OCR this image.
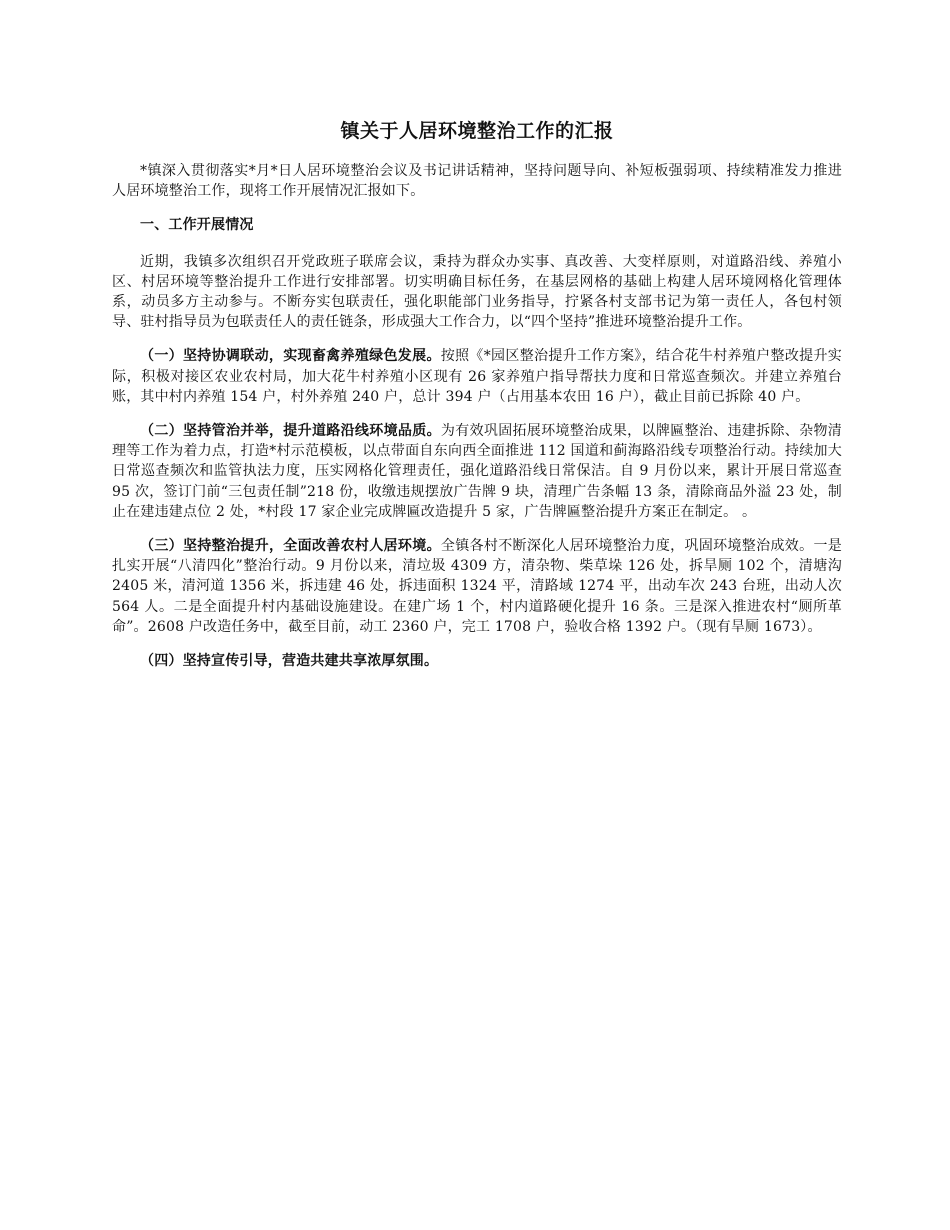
镇关于人居环境整治工作的汇报

*镇深入贯彻落实*月*日人居环境整治会议及书记讲话精神，坚持问题导向、补短板强弱项、持续精准发力推进人居环境整治工作，现将工作开展情况汇报如下。

一、工作开展情况

近期，我镇多次组织召开党政班子联席会议，秉持为群众办实事、真改善、大变样原则，对道路沿线、养殖小区、村居环境等整治提升工作进行安排部署。切实明确目标任务，在基层网格的基础上构建人居环境网格化管理体系，动员多方主动参与。不断夯实包联责任，强化职能部门业务指导，拧紧各村支部书记为第一责任人，各包村领导、驻村指导员为包联责任人的责任链条，形成强大工作合力，以“四个坚持”推进环境整治提升工作。

（一）坚持协调联动，实现畜禽养殖绿色发展。按照《*园区整治提升工作方案》，结合花牛村养殖户整改提升实际，积极对接区农业农村局，加大花牛村养殖小区现有 26 家养殖户指导帮扶力度和日常巡查频次。并建立养殖台账，其中村内养殖 154 户，村外养殖 240 户，总计 394 户（占用基本农田 16 户），截止目前已拆除 40 户。

（二）坚持管治并举，提升道路沿线环境品质。为有效巩固拓展环境整治成果，以牌匾整治、违建拆除、杂物清理等工作为着力点，打造*村示范模板，以点带面自东向西全面推进 112 国道和蓟海路沿线专项整治行动。持续加大日常巡查频次和监管执法力度，压实网格化管理责任，强化道路沿线日常保洁。自 9 月份以来，累计开展日常巡查 95 次，签订门前“三包责任制”218 份，收缴违规摆放广告牌 9 块，清理广告条幅 13 条，清除商品外溢 23 处，制止在建违建点位 2 处，*村段 17 家企业完成牌匾改造提升 5 家，广告牌匾整治提升方案正在制定。 。

（三）坚持整治提升，全面改善农村人居环境。全镇各村不断深化人居环境整治力度，巩固环境整治成效。一是扎实开展“八清四化”整治行动。9 月份以来，清垃圾 4309 方，清杂物、柴草垛 126 处，拆旱厕 102 个，清塘沟 2405 米，清河道 1356 米，拆违建 46 处，拆违面积 1324 平，清路域 1274 平，出动车次 243 台班，出动人次 564 人。二是全面提升村内基础设施建设。在建广场 1 个，村内道路硬化提升 16 条。三是深入推进农村“厕所革命”。2608 户改造任务中，截至目前，动工 2360 户，完工 1708 户，验收合格 1392 户。（现有旱厕 1673）。

（四）坚持宣传引导，营造共建共享浓厚氛围。
